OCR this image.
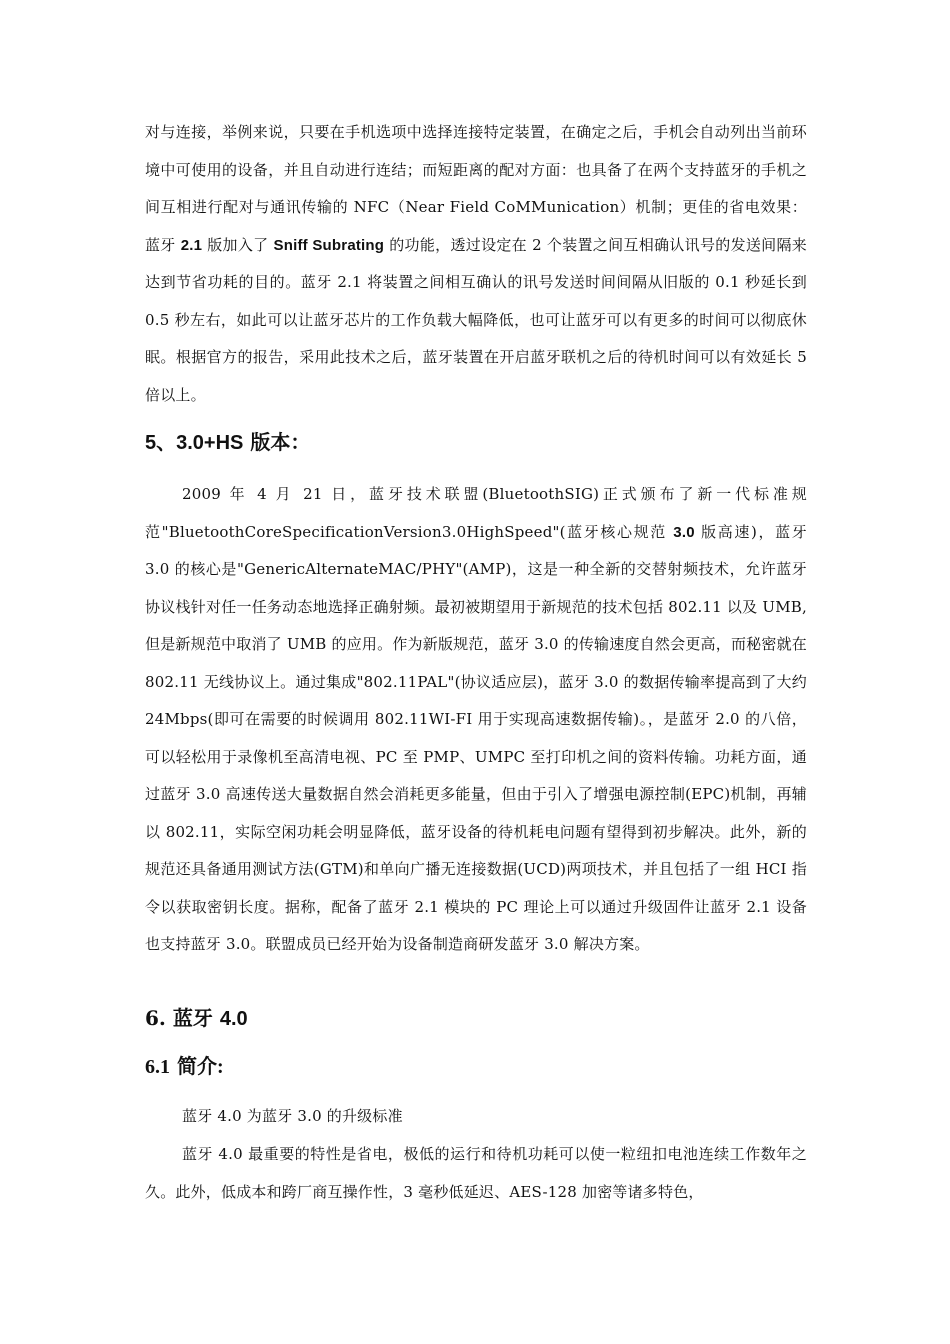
对与连接，举例来说，只要在手机选项中选择连接特定装置，在确定之后，手机会自动列出当前环境中可使用的设备，并且自动进行连结；而短距离的配对方面：也具备了在两个支持蓝牙的手机之间互相进行配对与通讯传输的 NFC（Near Field CoMMunication）机制；更佳的省电效果：蓝牙 2.1 版加入了 Sniff Subrating 的功能，透过设定在 2 个装置之间互相确认讯号的发送间隔来达到节省功耗的目的。蓝牙 2.1 将装置之间相互确认的讯号发送时间间隔从旧版的 0.1 秒延长到 0.5 秒左右，如此可以让蓝牙芯片的工作负载大幅降低，也可让蓝牙可以有更多的时间可以彻底休眠。根据官方的报告，采用此技术之后，蓝牙装置在开启蓝牙联机之后的待机时间可以有效延长 5 倍以上。

5、3.0+HS 版本：

2009 年 4 月 21 日，蓝牙技术联盟(BluetoothSIG)正式颁布了新一代标准规范"BluetoothCoreSpecificationVersion3.0HighSpeed"(蓝牙核心规范 3.0 版高速)，蓝牙 3.0 的核心是"GenericAlternateMAC/PHY"(AMP)，这是一种全新的交替射频技术，允许蓝牙协议栈针对任一任务动态地选择正确射频。最初被期望用于新规范的技术包括 802.11 以及 UMB,但是新规范中取消了 UMB 的应用。作为新版规范，蓝牙 3.0 的传输速度自然会更高，而秘密就在 802.11 无线协议上。通过集成"802.11PAL"(协议适应层)，蓝牙 3.0 的数据传输率提高到了大约 24Mbps(即可在需要的时候调用 802.11WI-FI 用于实现高速数据传输)。，是蓝牙 2.0 的八倍，可以轻松用于录像机至高清电视、PC 至 PMP、UMPC 至打印机之间的资料传输。功耗方面，通过蓝牙 3.0 高速传送大量数据自然会消耗更多能量，但由于引入了增强电源控制(EPC)机制，再辅以 802.11，实际空闲功耗会明显降低，蓝牙设备的待机耗电问题有望得到初步解决。此外，新的规范还具备通用测试方法(GTM)和单向广播无连接数据(UCD)两项技术，并且包括了一组 HCI 指令以获取密钥长度。据称，配备了蓝牙 2.1 模块的 PC 理论上可以通过升级固件让蓝牙 2.1 设备也支持蓝牙 3.0。联盟成员已经开始为设备制造商研发蓝牙 3.0 解决方案。

6. 蓝牙 4.0
6.1 简介:

蓝牙 4.0 为蓝牙 3.0 的升级标准

蓝牙 4.0 最重要的特性是省电，极低的运行和待机功耗可以使一粒纽扣电池连续工作数年之久。此外，低成本和跨厂商互操作性，3 毫秒低延迟、AES-128 加密等诸多特色，
